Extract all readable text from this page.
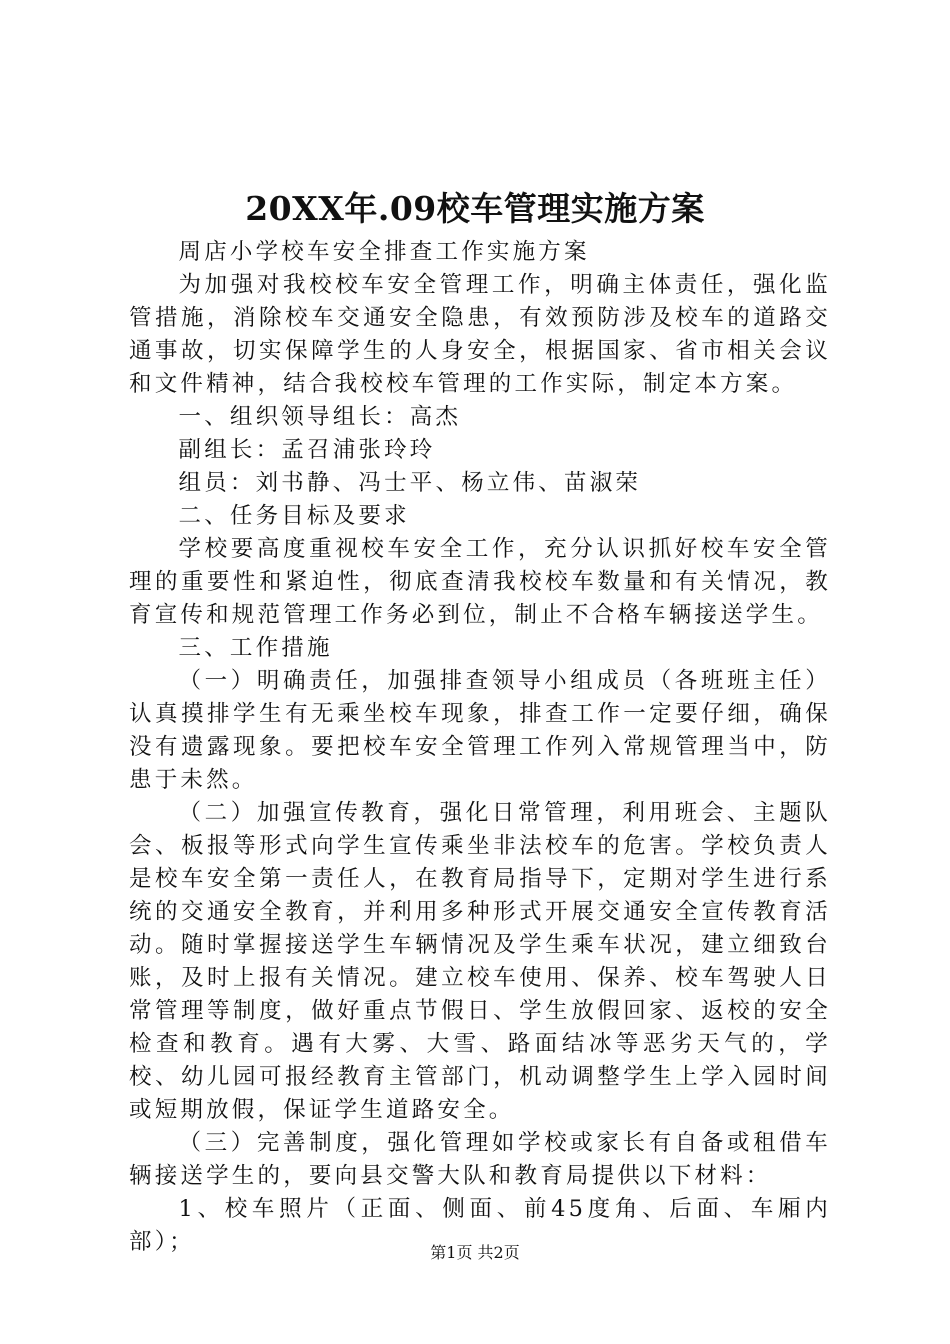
20XX年.09校车管理实施方案

周店小学校车安全排查工作实施方案

为加强对我校校车安全管理工作，明确主体责任，强化监管措施，消除校车交通安全隐患，有效预防涉及校车的道路交通事故，切实保障学生的人身安全，根据国家、省市相关会议和文件精神，结合我校校车管理的工作实际，制定本方案。

一、组织领导组长：高杰

副组长：孟召浦张玲玲

组员：刘书静、冯士平、杨立伟、苗淑荣

二、任务目标及要求

学校要高度重视校车安全工作，充分认识抓好校车安全管理的重要性和紧迫性，彻底查清我校校车数量和有关情况，教育宣传和规范管理工作务必到位，制止不合格车辆接送学生。

三、工作措施

（一）明确责任，加强排查领导小组成员（各班班主任）认真摸排学生有无乘坐校车现象，排查工作一定要仔细，确保没有遗露现象。要把校车安全管理工作列入常规管理当中，防患于未然。

（二）加强宣传教育，强化日常管理，利用班会、主题队会、板报等形式向学生宣传乘坐非法校车的危害。学校负责人是校车安全第一责任人，在教育局指导下，定期对学生进行系统的交通安全教育，并利用多种形式开展交通安全宣传教育活动。随时掌握接送学生车辆情况及学生乘车状况，建立细致台账，及时上报有关情况。建立校车使用、保养、校车驾驶人日常管理等制度，做好重点节假日、学生放假回家、返校的安全检查和教育。遇有大雾、大雪、路面结冰等恶劣天气的，学校、幼儿园可报经教育主管部门，机动调整学生上学入园时间或短期放假，保证学生道路安全。

（三）完善制度，强化管理如学校或家长有自备或租借车辆接送学生的，要向县交警大队和教育局提供以下材料：

1、校车照片（正面、侧面、前45度角、后面、车厢内部）；	第1页 共2页
